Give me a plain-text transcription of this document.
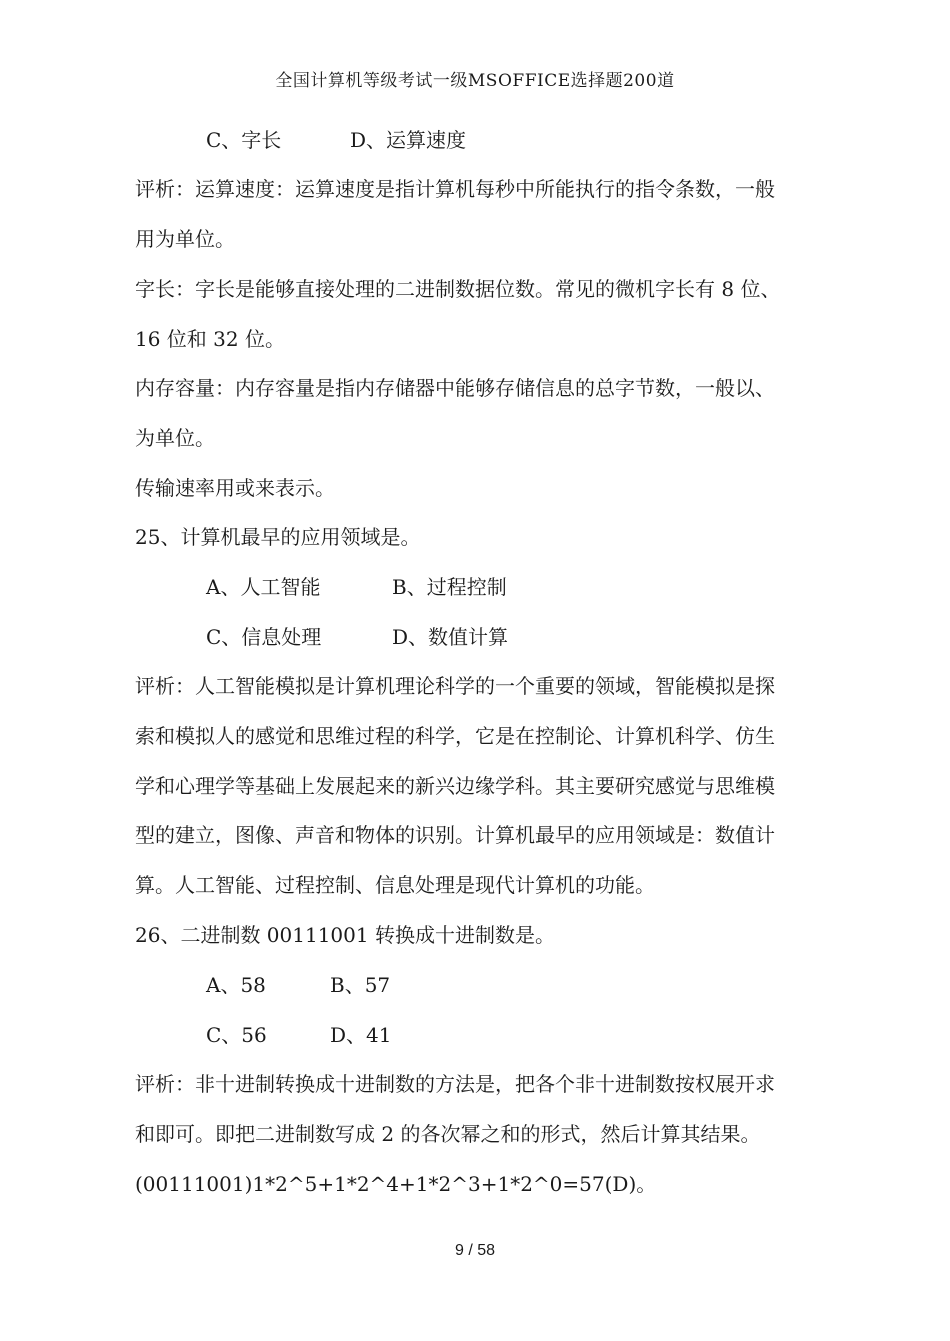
全国计算机等级考试一级MSOFFICE选择题200道
C、字长	D、运算速度
评析：运算速度：运算速度是指计算机每秒中所能执行的指令条数，一般
用为单位。
字长：字长是能够直接处理的二进制数据位数。常见的微机字长有 8 位、
16 位和 32 位。
内存容量：内存容量是指内存储器中能够存储信息的总字节数，一般以、
为单位。
传输速率用或来表示。
25、计算机最早的应用领域是。
A、人工智能	B、过程控制
C、信息处理	D、数值计算
评析：人工智能模拟是计算机理论科学的一个重要的领域，智能模拟是探
索和模拟人的感觉和思维过程的科学，它是在控制论、计算机科学、仿生
学和心理学等基础上发展起来的新兴边缘学科。其主要研究感觉与思维模
型的建立，图像、声音和物体的识别。计算机最早的应用领域是：数值计
算。人工智能、过程控制、信息处理是现代计算机的功能。
26、二进制数 00111001 转换成十进制数是。
A、58	B、57
C、56	D、41
评析：非十进制转换成十进制数的方法是，把各个非十进制数按权展开求
和即可。即把二进制数写成 2 的各次幂之和的形式，然后计算其结果。
(00111001)1*2^5+1*2^4+1*2^3+1*2^0=57(D)。
9 / 58
